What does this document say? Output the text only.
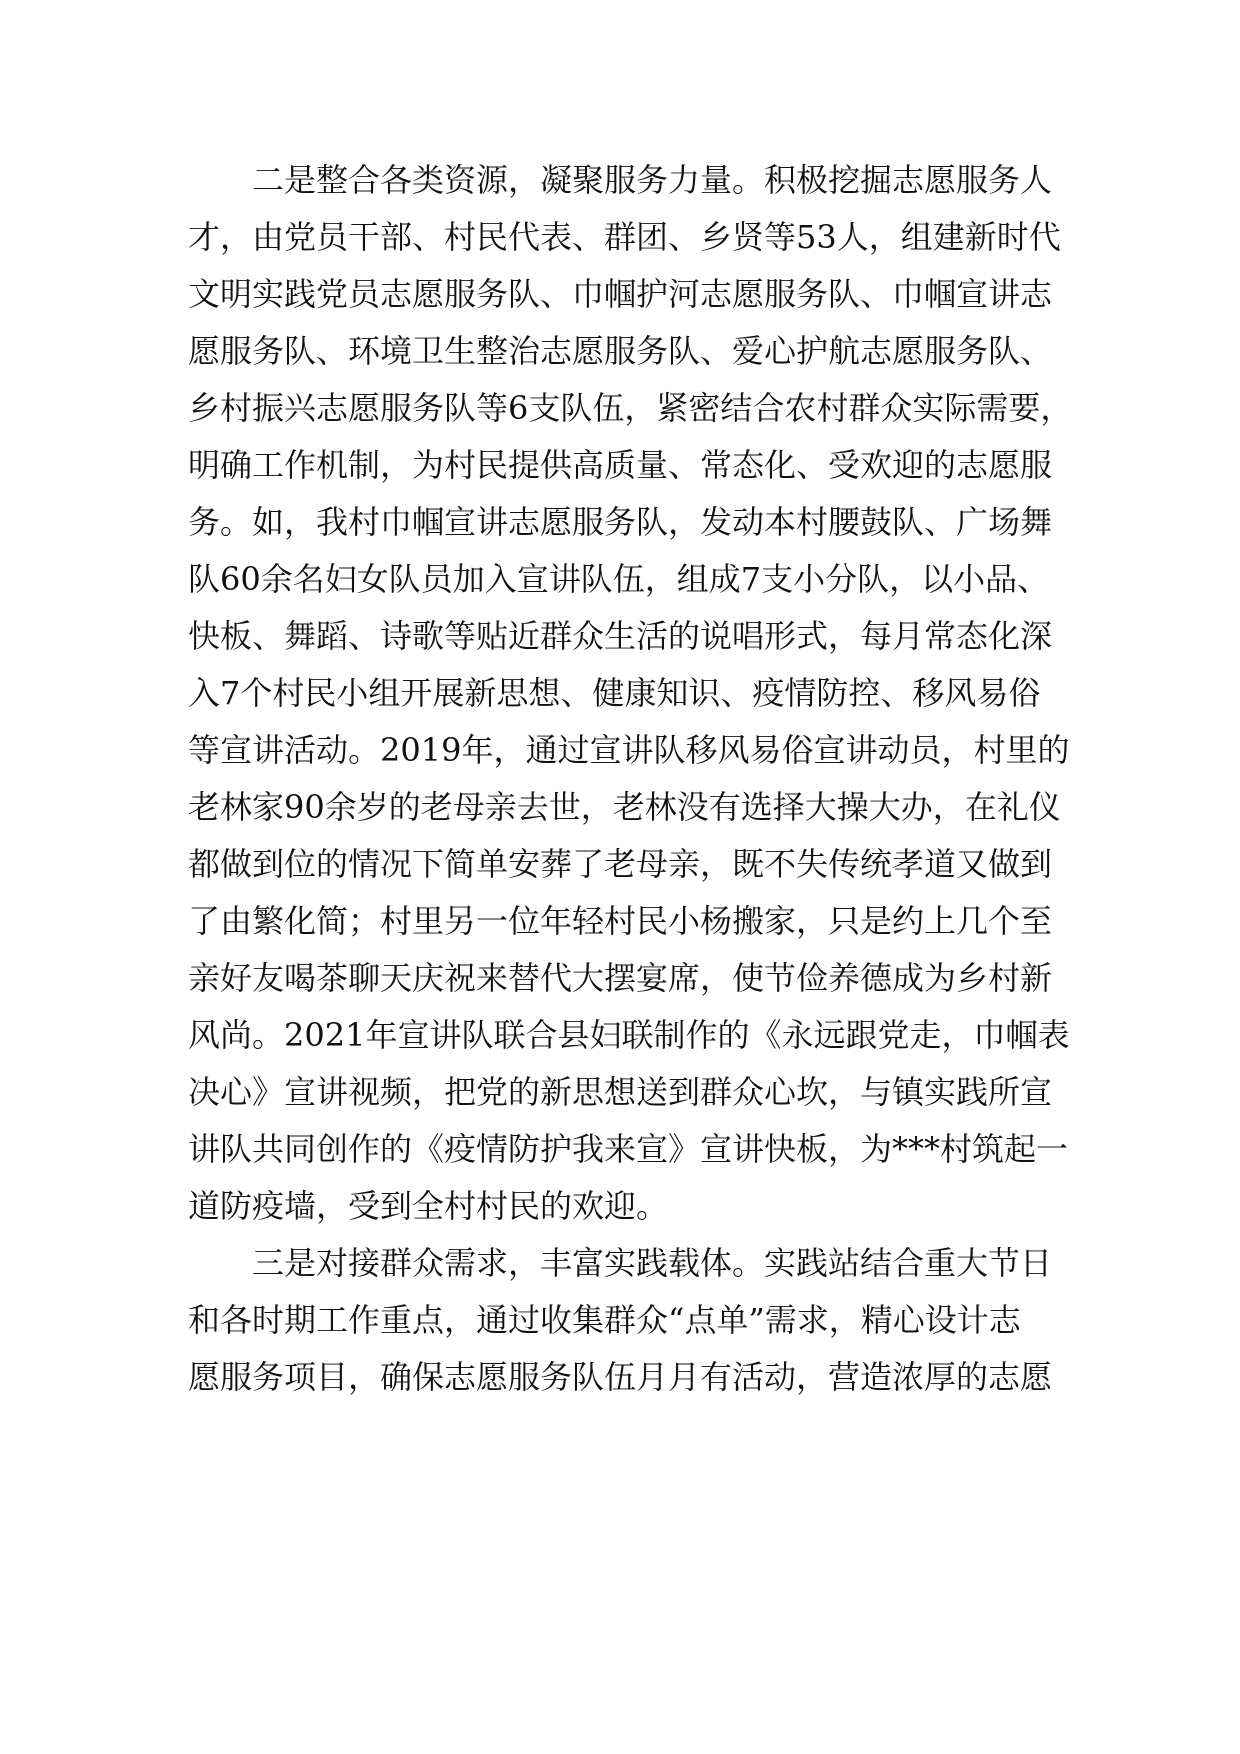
二是整合各类资源，凝聚服务力量。积极挖掘志愿服务人

才，由党员干部、村民代表、群团、乡贤等53人，组建新时代

文明实践党员志愿服务队、巾帼护河志愿服务队、巾帼宣讲志

愿服务队、环境卫生整治志愿服务队、爱心护航志愿服务队、

乡村振兴志愿服务队等6支队伍，紧密结合农村群众实际需要，

明确工作机制，为村民提供高质量、常态化、受欢迎的志愿服

务。如，我村巾帼宣讲志愿服务队，发动本村腰鼓队、广场舞

队60余名妇女队员加入宣讲队伍，组成7支小分队，以小品、

快板、舞蹈、诗歌等贴近群众生活的说唱形式，每月常态化深

入7个村民小组开展新思想、健康知识、疫情防控、移风易俗

等宣讲活动。2019年，通过宣讲队移风易俗宣讲动员，村里的

老林家90余岁的老母亲去世，老林没有选择大操大办，在礼仪

都做到位的情况下简单安葬了老母亲，既不失传统孝道又做到

了由繁化简；村里另一位年轻村民小杨搬家，只是约上几个至

亲好友喝茶聊天庆祝来替代大摆宴席，使节俭养德成为乡村新

风尚。2021年宣讲队联合县妇联制作的《永远跟党走，巾帼表

决心》宣讲视频，把党的新思想送到群众心坎，与镇实践所宣

讲队共同创作的《疫情防护我来宣》宣讲快板，为***村筑起一

道防疫墙，受到全村村民的欢迎。

三是对接群众需求，丰富实践载体。实践站结合重大节日

和各时期工作重点，通过收集群众“点单”需求，精心设计志

愿服务项目，确保志愿服务队伍月月有活动，营造浓厚的志愿
